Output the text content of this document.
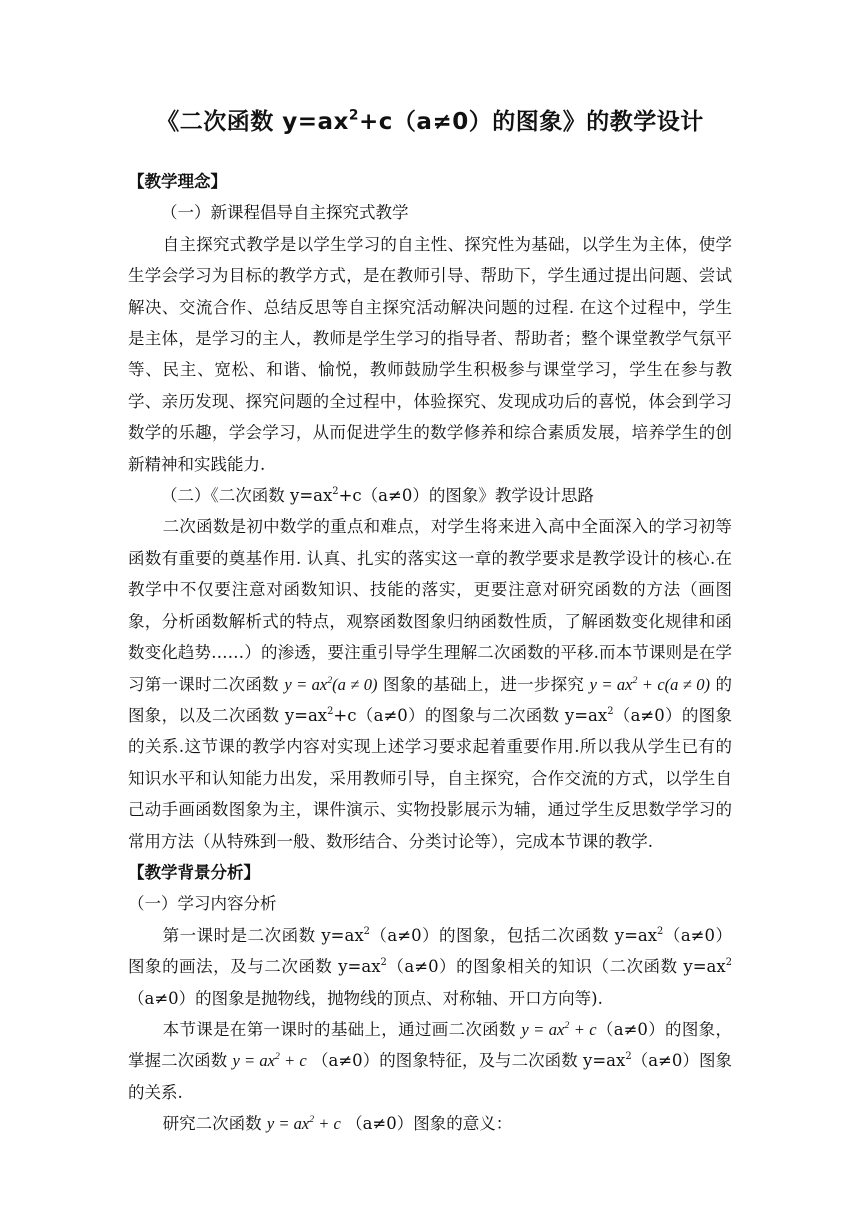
《二次函数 $y=ax^2+c(a\ne 0)$的图象》的教学设计

【教学理念】

（一）新课程倡导自主探究式教学

自主探究式教学是以学生学习的自主性、探究性为基础，以学生为主体，使学生学会学习为目标的教学方式，是在教师引导、帮助下，学生通过提出问题、尝试解决、交流合作、总结反思等自主探究活动解决问题的过程. 在这个过程中，学生是主体，是学习的主人，教师是学生学习的指导者、帮助者；整个课堂教学气氛平等、民主、宽松、和谐、愉悦，教师鼓励学生积极参与课堂学习，学生在参与教学、亲历发现、探究问题的全过程中，体验探究、发现成功后的喜悦，体会到学习数学的乐趣，学会学习，从而促进学生的数学修养和综合素质发展，培养学生的创新精神和实践能力.

（二）《二次函数 $y=ax^2+c(a\ne 0)$的图象》教学设计思路

二次函数是初中数学的重点和难点，对学生将来进入高中全面深入的学习初等函数有重要的奠基作用. 认真、扎实的落实这一章的教学要求是教学设计的核心.在教学中不仅要注意对函数知识、技能的落实，更要注意对研究函数的方法（画图象，分析函数解析式的特点，观察函数图象归纳函数性质，了解函数变化规律和函数变化趋势……）的渗透，要注重引导学生理解二次函数的平移.而本节课则是在学习第一课时二次函数 $y = ax^2(a \ne 0)$ 图象的基础上，进一步探究 $y = ax^2 + c(a \ne 0)$ 的图象，以及二次函数 $y=ax^2+c(a\ne 0)$的图象与二次函数 $y=ax^2(a\ne 0)$的图象的关系.这节课的教学内容对实现上述学习要求起着重要作用.所以我从学生已有的知识水平和认知能力出发，采用教师引导，自主探究，合作交流的方式，以学生自己动手画函数图象为主，课件演示、实物投影展示为辅，通过学生反思数学学习的常用方法（从特殊到一般、数形结合、分类讨论等），完成本节课的教学.

【教学背景分析】

（一）学习内容分析

第一课时是二次函数 $y=ax^2(a\ne 0)$的图象，包括二次函数 $y=ax^2(a\ne 0)$图象的画法，及与二次函数 $y=ax^2(a\ne 0)$的图象相关的知识（二次函数 $y=ax^2(a\ne 0)$的图象是抛物线，抛物线的顶点、对称轴、开口方向等).

本节课是在第一课时的基础上，通过画二次函数 $y = ax^2 + c(a\ne 0)$的图象，掌握二次函数 $y = ax^2 + c$ （a≠0）的图象特征，及与二次函数 $y=ax^2(a\ne 0)$图象的关系.

研究二次函数 $y = ax^2 + c$ （a≠0）图象的意义：
